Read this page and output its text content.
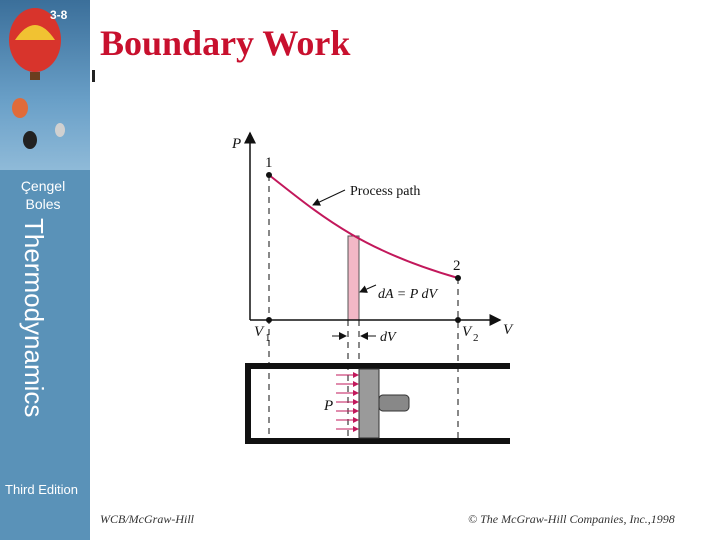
3-8
Çengel
Boles
Thermodynamics
Third Edition
Boundary Work
P
V
1
2
Process path
dA = P dV
dV
V 1	V 2
P
WCB/McGraw-Hill	© The McGraw-Hill Companies, Inc.,1998
